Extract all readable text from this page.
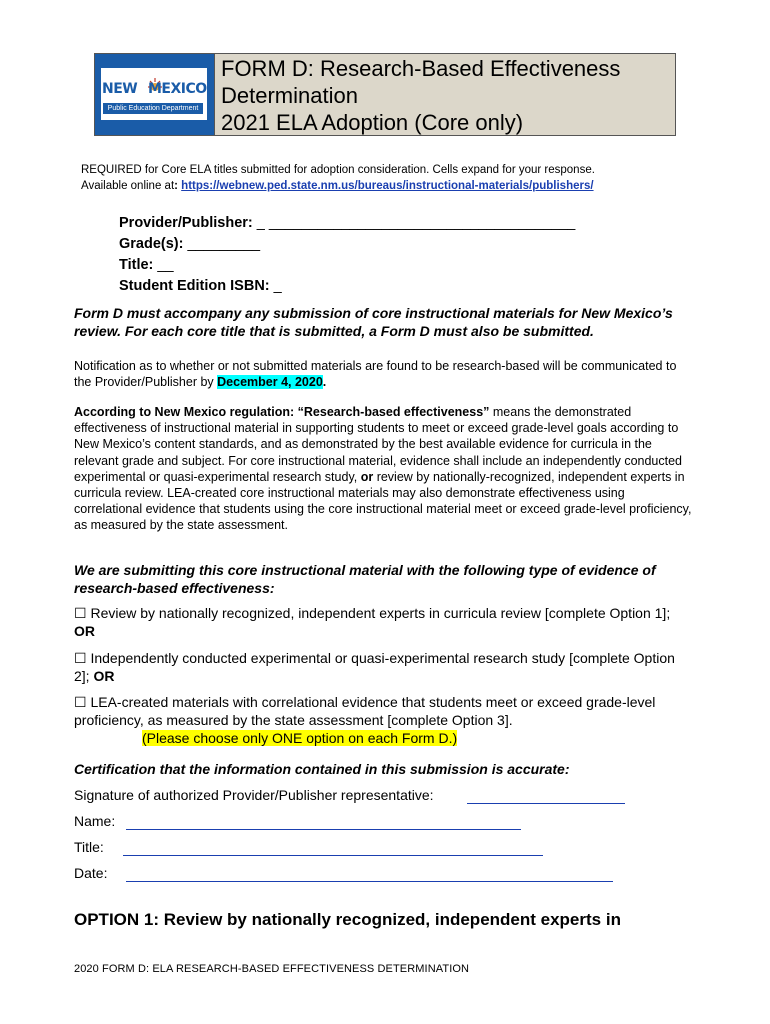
NEW MEXICO
Public Education Department
FORM D: Research-Based Effectiveness
Determination
2021 ELA Adoption (Core only)
REQUIRED for Core ELA titles submitted for adoption consideration. Cells expand for your response.
Available online at: https://webnew.ped.state.nm.us/bureaus/instructional-materials/publishers/
Provider/Publisher: _ ______________________________________
Grade(s): _________
Title: __
Student Edition ISBN: _
Form D must accompany any submission of core instructional materials for New Mexico’s review. For each core title that is submitted, a Form D must also be submitted.
Notification as to whether or not submitted materials are found to be research-based will be communicated to the Provider/Publisher by December 4, 2020.
According to New Mexico regulation: “Research-based effectiveness” means the demonstrated effectiveness of instructional material in supporting students to meet or exceed grade-level goals according to New Mexico’s content standards, and as demonstrated by the best available evidence for curricula in the relevant grade and subject. For core instructional material, evidence shall include an independently conducted experimental or quasi-experimental research study, or review by nationally-recognized, independent experts in curricula review. LEA-created core instructional materials may also demonstrate effectiveness using correlational evidence that students using the core instructional material meet or exceed grade-level proficiency, as measured by the state assessment.
We are submitting this core instructional material with the following type of evidence of research-based effectiveness:
☐ Review by nationally recognized, independent experts in curricula review [complete Option 1]; OR
☐ Independently conducted experimental or quasi-experimental research study [complete Option 2]; OR
☐ LEA-created materials with correlational evidence that students meet or exceed grade-level proficiency, as measured by the state assessment [complete Option 3].
(Please choose only ONE option on each Form D.)
Certification that the information contained in this submission is accurate:
Signature of authorized Provider/Publisher representative:
Name:
Title:
Date:
OPTION 1: Review by nationally recognized, independent experts in
2020 FORM D: ELA RESEARCH-BASED EFFECTIVENESS DETERMINATION
